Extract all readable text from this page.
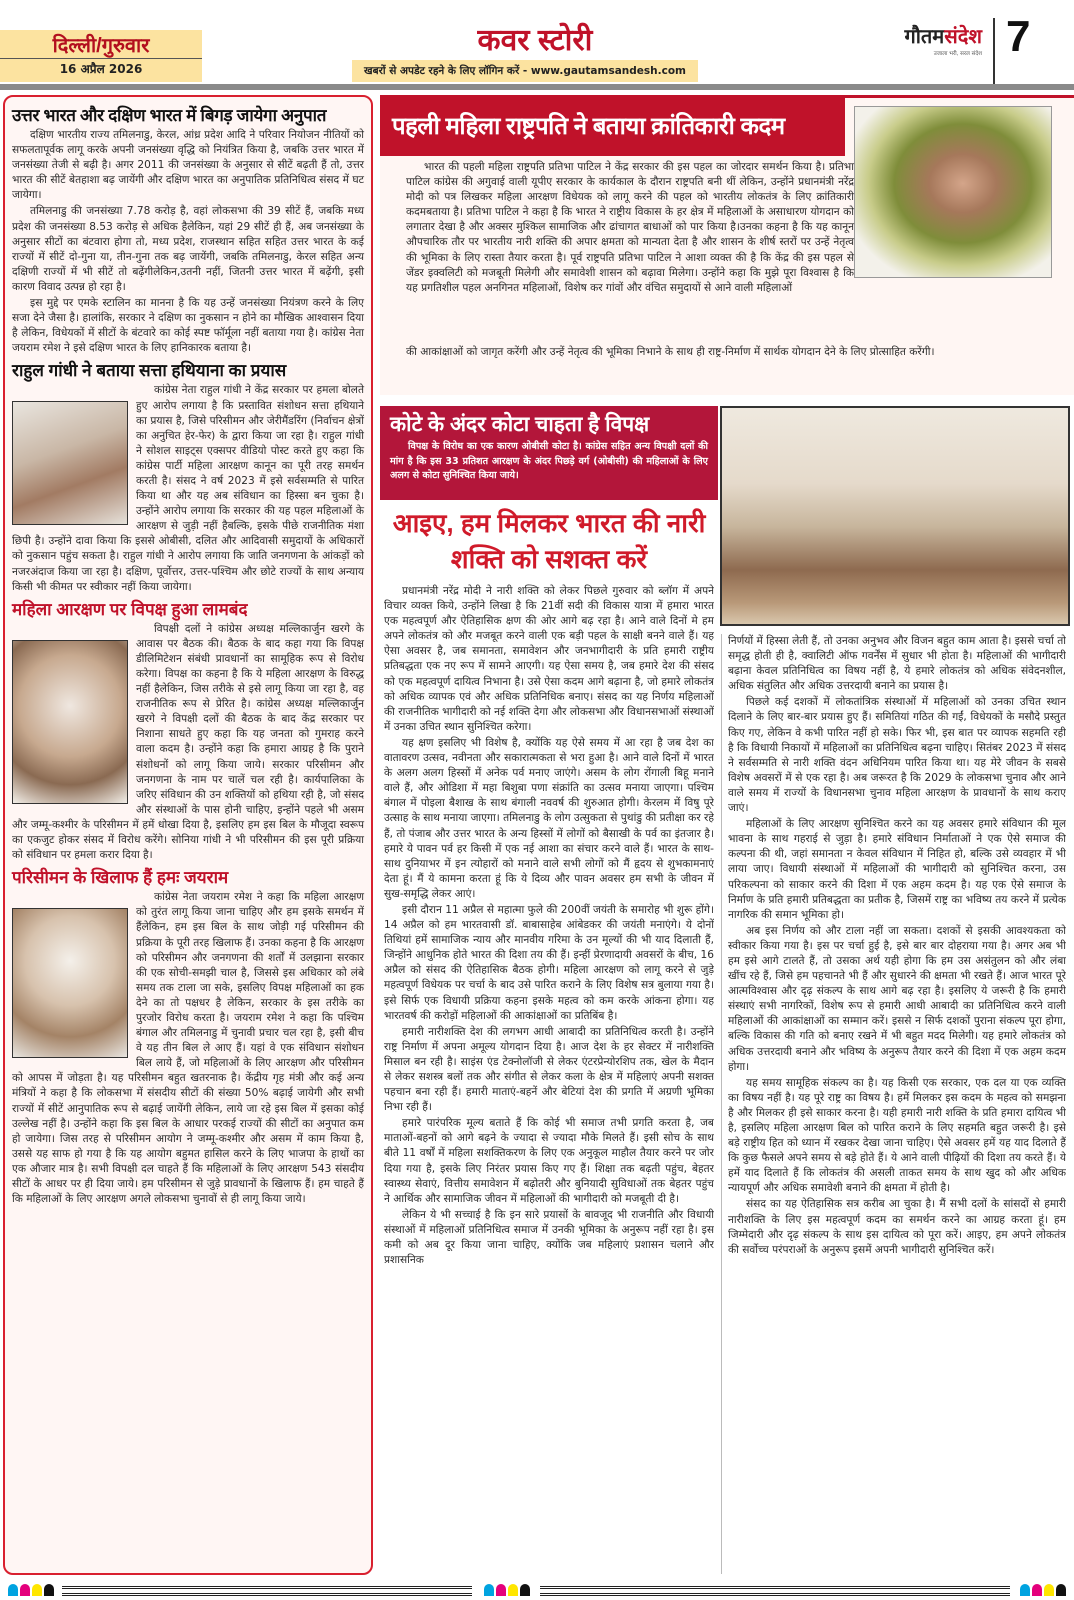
दिल्ली/गुरुवार
16 अप्रैल 2026
कवर स्टोरी
खबरों से अपडेट रहने के लिए लॉगिन करें - www.gautamsandesh.com
गौतमसंदेश
उजाला भरी, सरल संदेश 7
उत्तर भारत और दक्षिण भारत में बिगड़ जायेगा अनुपात
दक्षिण भारतीय राज्य तमिलनाडु, केरल, आंध्र प्रदेश आदि ने परिवार नियोजन नीतियों को सफलतापूर्वक लागू करके अपनी जनसंख्या वृद्धि को नियंत्रित किया है, जबकि उत्तर भारत में जनसंख्या तेजी से बढ़ी है। अगर 2011 की जनसंख्या के अनुसार से सीटें बढ़ती हैं तो, उत्तर भारत की सीटें बेतहाशा बढ़ जायेंगी और दक्षिण भारत का अनुपातिक प्रतिनिधित्व संसद में घट जायेगा।
तमिलनाडु की जनसंख्या 7.78 करोड़ है, वहां लोकसभा की 39 सीटें हैं, जबकि मध्य प्रदेश की जनसंख्या 8.53 करोड़ से अधिक हैलेकिन, यहां 29 सीटें ही हैं, अब जनसंख्या के अनुसार सीटों का बंटवारा होगा तो, मध्य प्रदेश, राजस्थान सहित सहित उत्तर भारत के कई राज्यों में सीटें दो-गुना या, तीन-गुना तक बढ़ जायेंगी, जबकि तमिलनाडु, केरल सहित अन्य दक्षिणी राज्यों में भी सीटें तो बढ़ेंगीलेकिन,उतनी नहीं, जितनी उत्तर भारत में बढ़ेंगी, इसी कारण विवाद उत्पन्न हो रहा है।
इस मुद्दे पर एमके स्टालिन का मानना है कि यह उन्हें जनसंख्या नियंत्रण करने के लिए सजा देने जैसा है। हालांकि, सरकार ने दक्षिण का नुकसान न होने का मौखिक आश्वासन दिया है लेकिन, विधेयकों में सीटों के बंटवारे का कोई स्पष्ट फॉर्मूला नहीं बताया गया है। कांग्रेस नेता जयराम रमेश ने इसे दक्षिण भारत के लिए हानिकारक बताया है।
राहुल गांधी ने बताया सत्ता हथियाना का प्रयास
कांग्रेस नेता राहुल गांधी ने केंद्र सरकार पर हमला बोलते हुए आरोप लगाया है कि प्रस्तावित संशोधन सत्ता हथियाने का प्रयास है, जिसे परिसीमन और जेरीमैंडरिंग (निर्वाचन क्षेत्रों का अनुचित हेर-फेर) के द्वारा किया जा रहा है। राहुल गांधी ने सोशल साइट्स एक्सपर वीडियो पोस्ट करते हुए कहा कि कांग्रेस पार्टी महिला आरक्षण कानून का पूरी तरह समर्थन करती है। संसद ने वर्ष 2023 में इसे सर्वसम्मति से पारित किया था और यह अब संविधान का हिस्सा बन चुका है। उन्होंने आरोप लगाया कि सरकार की यह पहल महिलाओं के आरक्षण से जुड़ी नहीं हैबल्कि, इसके पीछे राजनीतिक मंशा छिपी है। उन्होंने दावा किया कि इससे ओबीसी, दलित और आदिवासी समुदायों के अधिकारों को नुकसान पहुंच सकता है। राहुल गांधी ने आरोप लगाया कि जाति जनगणना के आंकड़ों को नजरअंदाज किया जा रहा है। दक्षिण, पूर्वोत्तर, उत्तर-पश्चिम और छोटे राज्यों के साथ अन्याय किसी भी कीमत पर स्वीकार नहीं किया जायेगा।
महिला आरक्षण पर विपक्ष हुआ लामबंद
विपक्षी दलों ने कांग्रेस अध्यक्ष मल्लिकार्जुन खरगे के आवास पर बैठक की। बैठक के बाद कहा गया कि विपक्ष डीलिमिटेशन संबंधी प्रावधानों का सामूहिक रूप से विरोध करेगा। विपक्ष का कहना है कि ये महिला आरक्षण के विरुद्ध नहीं हैलेकिन, जिस तरीके से इसे लागू किया जा रहा है, वह राजनीतिक रूप से प्रेरित है। कांग्रेस अध्यक्ष मल्लिकार्जुन खरगे ने विपक्षी दलों की बैठक के बाद केंद्र सरकार पर निशाना साधते हुए कहा कि यह जनता को गुमराह करने वाला कदम है। उन्होंने कहा कि हमारा आग्रह है कि पुराने संशोधनों को लागू किया जाये। सरकार परिसीमन और जनगणना के नाम पर चालें चल रही है। कार्यपालिका के जरिए संविधान की उन शक्तियों को हथिया रही है, जो संसद और संस्थाओं के पास होनी चाहिए, इन्होंने पहले भी असम और जम्मू-कश्मीर के परिसीमन में हमें धोखा दिया है, इसलिए हम इस बिल के मौजूदा स्वरूप का एकजुट होकर संसद में विरोध करेंगे। सोनिया गांधी ने भी परिसीमन की इस पूरी प्रक्रिया को संविधान पर हमला करार दिया है।
परिसीमन के खिलाफ हैं हमः जयराम
कांग्रेस नेता जयराम रमेश ने कहा कि महिला आरक्षण को तुरंत लागू किया जाना चाहिए और हम इसके समर्थन में हैंलेकिन, हम इस बिल के साथ जोड़ी गई परिसीमन की प्रक्रिया के पूरी तरह खिलाफ हैं। उनका कहना है कि आरक्षण को परिसीमन और जनगणना की शर्तों में उलझाना सरकार की एक सोची-समझी चाल है, जिससे इस अधिकार को लंबे समय तक टाला जा सके, इसलिए विपक्ष महिलाओं का हक देने का तो पक्षधर है लेकिन, सरकार के इस तरीके का पुरजोर विरोध करता है। जयराम रमेश ने कहा कि पश्चिम बंगाल और तमिलनाडु में चुनावी प्रचार चल रहा है, इसी बीच वे यह तीन बिल ले आए हैं। यहां वे एक संविधान संशोधन बिल लाये हैं, जो महिलाओं के लिए आरक्षण और परिसीमन को आपस में जोड़ता है। यह परिसीमन बहुत खतरनाक है। केंद्रीय गृह मंत्री और कई अन्य मंत्रियों ने कहा है कि लोकसभा में संसदीय सीटों की संख्या 50% बढ़ाई जायेगी और सभी राज्यों में सीटें आनुपातिक रूप से बढ़ाई जायेंगी लेकिन, लाये जा रहे इस बिल में इसका कोई उल्लेख नहीं है। उन्होंने कहा कि इस बिल के आधार परकई राज्यों की सीटों का अनुपात कम हो जायेगा। जिस तरह से परिसीमन आयोग ने जम्मू-कश्मीर और असम में काम किया है, उससे यह साफ हो गया है कि यह आयोग बहुमत हासिल करने के लिए भाजपा के हाथों का एक औजार मात्र है। सभी विपक्षी दल चाहते हैं कि महिलाओं के लिए आरक्षण 543 संसदीय सीटों के आधर पर ही दिया जाये। हम परिसीमन से जुड़े प्रावधानों के खिलाफ हैं। हम चाहते हैं कि महिलाओं के लिए आरक्षण अगले लोकसभा चुनावों से ही लागू किया जाये।
पहली महिला राष्ट्रपति ने बताया क्रांतिकारी कदम
भारत की पहली महिला राष्ट्रपति प्रतिभा पाटिल ने केंद्र सरकार की इस पहल का जोरदार समर्थन किया है। प्रतिभा पाटिल कांग्रेस की अगुवाई वाली यूपीए सरकार के कार्यकाल के दौरान राष्ट्रपति बनी थीं लेकिन, उन्होंने प्रधानमंत्री नरेंद्र मोदी को पत्र लिखकर महिला आरक्षण विधेयक को लागू करने की पहल को भारतीय लोकतंत्र के लिए क्रांतिकारी कदमबताया है। प्रतिभा पाटिल ने कहा है कि भारत ने राष्ट्रीय विकास के हर क्षेत्र में महिलाओं के असाधारण योगदान को लगातार देखा है और अक्सर मुश्किल सामाजिक और ढांचागत बाधाओं को पार किया है।उनका कहना है कि यह कानून औपचारिक तौर पर भारतीय नारी शक्ति की अपार क्षमता को मान्यता देता है और शासन के शीर्ष स्तरों पर उन्हें नेतृत्व की भूमिका के लिए रास्ता तैयार करता है। पूर्व राष्ट्रपति प्रतिभा पाटिल ने आशा व्यक्त की है कि केंद्र की इस पहल से जेंडर इक्वलिटी को मजबूती मिलेगी और समावेशी शासन को बढ़ावा मिलेगा। उन्होंने कहा कि मुझे पूरा विश्वास है कि यह प्रगतिशील पहल अनगिनत महिलाओं, विशेष कर गांवों और वंचित समुदायों से आने वाली महिलाओं
की आकांक्षाओं को जागृत करेंगी और उन्हें नेतृत्व की भूमिका निभाने के साथ ही राष्ट्र-निर्माण में सार्थक योगदान देने के लिए प्रोत्साहित करेंगी।
कोटे के अंदर कोटा चाहता है विपक्ष
विपक्ष के विरोध का एक कारण ओबीसी कोटा है। कांग्रेस सहित अन्य विपक्षी दलों की मांग है कि इस 33 प्रतिशत आरक्षण के अंदर पिछड़े वर्ग (ओबीसी) की महिलाओं के लिए अलग से कोटा सुनिश्चित किया जाये।
आइए, हम मिलकर भारत की नारी शक्ति को सशक्त करें
प्रधानमंत्री नरेंद्र मोदी ने नारी शक्ति को लेकर पिछले गुरुवार को ब्लॉग में अपने विचार व्यक्त किये, उन्होंने लिखा है कि 21वीं सदी की विकास यात्रा में हमारा भारत एक महत्वपूर्ण और ऐतिहासिक क्षण की ओर आगे बढ़ रहा है। आने वाले दिनों मे हम अपने लोकतंत्र को और मजबूत करने वाली एक बड़ी पहल के साक्षी बनने वाले हैं। यह ऐसा अवसर है, जब समानता, समावेशन और जनभागीदारी के प्रति हमारी राष्ट्रीय प्रतिबद्धता एक नए रूप में सामने आएगी। यह ऐसा समय है, जब हमारे देश की संसद को एक महत्वपूर्ण दायित्व निभाना है। उसे ऐसा कदम आगे बढ़ाना है, जो हमारे लोकतंत्र को अधिक व्यापक एवं और अधिक प्रतिनिधिक बनाए। संसद का यह निर्णय महिलाओं की राजनीतिक भागीदारी को नई शक्ति देगा और लोकसभा और विधानसभाओं संस्थाओं में उनका उचित स्थान सुनिश्चित करेगा।
यह क्षण इसलिए भी विशेष है, क्योंकि यह ऐसे समय में आ रहा है जब देश का वातावरण उत्सव, नवीनता और सकारात्मकता से भरा हुआ है। आने वाले दिनों में भारत के अलग अलग हिस्सों में अनेक पर्व मनाए जाएंगे। असम के लोग रोंगाली बिहू मनाने वाले हैं, और ओडिशा में महा बिशुबा पणा संक्रांति का उत्सव मनाया जाएगा। पश्चिम बंगाल में पोइला बैशाख के साथ बंगाली नववर्ष की शुरुआत होगी। केरलम में विषु पूरे उत्साह के साथ मनाया जाएगा। तमिलनाडु के लोग उत्सुकता से पुथांडु की प्रतीक्षा कर रहे हैं, तो पंजाब और उत्तर भारत के अन्य हिस्सों में लोगों को बैसाखी के पर्व का इंतजार है। हमारे ये पावन पर्व हर किसी में एक नई आशा का संचार करने वाले हैं। भारत के साथ-साथ दुनियाभर में इन त्योहारों को मनाने वाले सभी लोगों को मैं हृदय से शुभकामनाएं देता हूं। मैं ये कामना करता हूं कि ये दिव्य और पावन अवसर हम सभी के जीवन में सुख-समृद्धि लेकर आएं।
इसी दौरान 11 अप्रैल से महात्मा फुले की 200वीं जयंती के समारोह भी शुरू होंगे। 14 अप्रैल को हम भारतवासी डॉ. बाबासाहेब आंबेडकर की जयंती मनाएंगे। ये दोनों तिथियां हमें सामाजिक न्याय और मानवीय गरिमा के उन मूल्यों की भी याद दिलाती हैं, जिन्होंने आधुनिक होते भारत की दिशा तय की हैं। इन्हीं प्रेरणादायी अवसरों के बीच, 16 अप्रैल को संसद की ऐतिहासिक बैठक होगी। महिला आरक्षण को लागू करने से जुड़े महत्वपूर्ण विधेयक पर चर्चा के बाद उसे पारित कराने के लिए विशेष सत्र बुलाया गया है। इसे सिर्फ एक विधायी प्रक्रिया कहना इसके महत्व को कम करके आंकना होगा। यह भारतवर्ष की करोड़ों महिलाओं की आकांक्षाओं का प्रतिबिंब है।
हमारी नारीशक्ति देश की लगभग आधी आबादी का प्रतिनिधित्व करती है। उन्होंने राष्ट्र निर्माण में अपना अमूल्य योगदान दिया है। आज देश के हर सेक्टर में नारीशक्ति मिसाल बन रही है। साइंस एंड टेक्नोलॉजी से लेकर एंटरप्रेन्योरशिप तक, खेल के मैदान से लेकर सशस्त्र बलों तक और संगीत से लेकर कला के क्षेत्र में महिलाएं अपनी सशक्त पहचान बना रही हैं। हमारी माताएं-बहनें और बेटियां देश की प्रगति में अग्रणी भूमिका निभा रही हैं।
हमारे पारंपरिक मूल्य बताते हैं कि कोई भी समाज तभी प्रगति करता है, जब माताओं-बहनों को आगे बढ़ने के ज्यादा से ज्यादा मौके मिलते हैं। इसी सोच के साथ बीते 11 वर्षों में महिला सशक्तिकरण के लिए एक अनुकूल माहौल तैयार करने पर जोर दिया गया है, इसके लिए निरंतर प्रयास किए गए हैं। शिक्षा तक बढ़ती पहुंच, बेहतर स्वास्थ्य सेवाएं, वित्तीय समावेशन में बढ़ोतरी और बुनियादी सुविधाओं तक बेहतर पहुंच ने आर्थिक और सामाजिक जीवन में महिलाओं की भागीदारी को मजबूती दी है।
लेकिन ये भी सच्चाई है कि इन सारे प्रयासों के बावजूद भी राजनीति और विधायी संस्थाओं में महिलाओं प्रतिनिधित्व समाज में उनकी भूमिका के अनुरूप नहीं रहा है। इस कमी को अब दूर किया जाना चाहिए, क्योंकि जब महिलाएं प्रशासन चलाने और प्रशासनिक
निर्णयों में हिस्सा लेती हैं, तो उनका अनुभव और विजन बहुत काम आता है। इससे चर्चा तो समृद्ध होती ही है, क्वालिटी ऑफ गवर्नेंस में सुधार भी होता है। महिलाओं की भागीदारी बढ़ाना केवल प्रतिनिधित्व का विषय नहीं है, ये हमारे लोकतंत्र को अधिक संवेदनशील, अधिक संतुलित और अधिक उत्तरदायी बनाने का प्रयास है।
पिछले कई दशकों में लोकतांत्रिक संस्थाओं में महिलाओं को उनका उचित स्थान दिलाने के लिए बार-बार प्रयास हुए हैं। समितियां गठित की गईं, विधेयकों के मसौदे प्रस्तुत किए गए, लेकिन वे कभी पारित नहीं हो सके। फिर भी, इस बात पर व्यापक सहमति रही है कि विधायी निकायों में महिलाओं का प्रतिनिधित्व बढ़ना चाहिए। सितंबर 2023 में संसद ने सर्वसम्मति से नारी शक्ति वंदन अधिनियम पारित किया था। यह मेरे जीवन के सबसे विशेष अवसरों में से एक रहा है। अब जरूरत है कि 2029 के लोकसभा चुनाव और आने वाले समय में राज्यों के विधानसभा चुनाव महिला आरक्षण के प्रावधानों के साथ कराए जाएं।
महिलाओं के लिए आरक्षण सुनिश्चित करने का यह अवसर हमारे संविधान की मूल भावना के साथ गहराई से जुड़ा है। हमारे संविधान निर्माताओं ने एक ऐसे समाज की कल्पना की थी, जहां समानता न केवल संविधान में निहित हो, बल्कि उसे व्यवहार में भी लाया जाए। विधायी संस्थाओं में महिलाओं की भागीदारी को सुनिश्चित करना, उस परिकल्पना को साकार करने की दिशा में एक अहम कदम है। यह एक ऐसे समाज के निर्माण के प्रति हमारी प्रतिबद्धता का प्रतीक है, जिसमें राष्ट्र का भविष्य तय करने में प्रत्येक नागरिक की समान भूमिका हो।
अब इस निर्णय को और टाला नहीं जा सकता। दशकों से इसकी आवश्यकता को स्वीकार किया गया है। इस पर चर्चा हुई है, इसे बार बार दोहराया गया है। अगर अब भी हम इसे आगे टालते हैं, तो उसका अर्थ यही होगा कि हम उस असंतुलन को और लंबा खींच रहे हैं, जिसे हम पहचानते भी हैं और सुधारने की क्षमता भी रखते हैं। आज भारत पूरे आत्मविश्वास और दृढ़ संकल्प के साथ आगे बढ़ रहा है। इसलिए ये जरूरी है कि हमारी संस्थाएं सभी नागरिकों, विशेष रूप से हमारी आधी आबादी का प्रतिनिधित्व करने वाली महिलाओं की आकांक्षाओं का सम्मान करें। इससे न सिर्फ दशकों पुराना संकल्प पूरा होगा, बल्कि विकास की गति को बनाए रखने में भी बहुत मदद मिलेगी। यह हमारे लोकतंत्र को अधिक उत्तरदायी बनाने और भविष्य के अनुरूप तैयार करने की दिशा में एक अहम कदम होगा।
यह समय सामूहिक संकल्प का है। यह किसी एक सरकार, एक दल या एक व्यक्ति का विषय नहीं है। यह पूरे राष्ट्र का विषय है। हमें मिलकर इस कदम के महत्व को समझना है और मिलकर ही इसे साकार करना है। यही हमारी नारी शक्ति के प्रति हमारा दायित्व भी है, इसलिए महिला आरक्षण बिल को पारित कराने के लिए सहमति बहुत जरूरी है। इसे बड़े राष्ट्रीय हित को ध्यान में रखकर देखा जाना चाहिए। ऐसे अवसर हमें यह याद दिलाते हैं कि कुछ फैसले अपने समय से बड़े होते हैं। ये आने वाली पीढ़ियों की दिशा तय करते हैं। ये हमें याद दिलाते हैं कि लोकतंत्र की असली ताकत समय के साथ खुद को और अधिक न्यायपूर्ण और अधिक समावेशी बनाने की क्षमता में होती है।
संसद का यह ऐतिहासिक सत्र करीब आ चुका है। मैं सभी दलों के सांसदों से हमारी नारीशक्ति के लिए इस महत्वपूर्ण कदम का समर्थन करने का आग्रह करता हूं। हम जिम्मेदारी और दृढ़ संकल्प के साथ इस दायित्व को पूरा करें। आइए, हम अपने लोकतंत्र की सर्वोच्च परंपराओं के अनुरूप इसमें अपनी भागीदारी सुनिश्चित करें।
